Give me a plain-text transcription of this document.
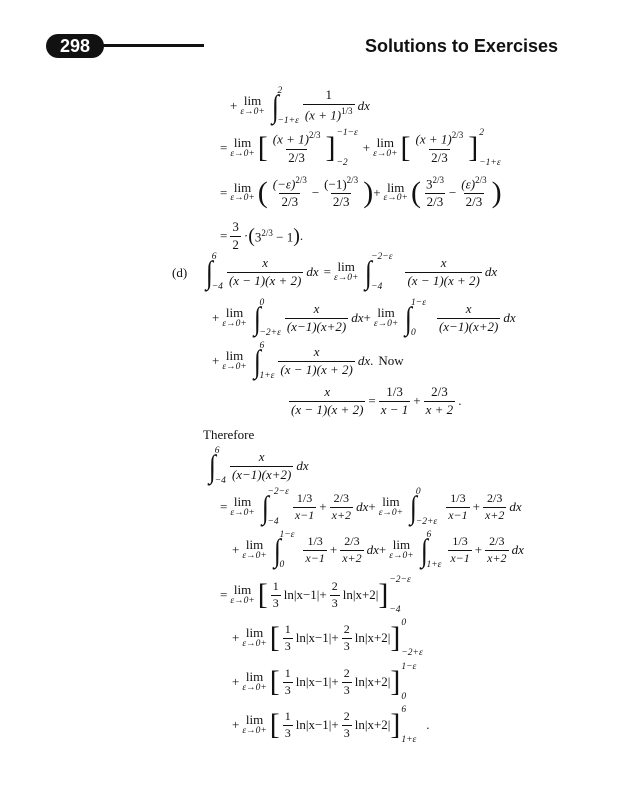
298	Solutions to Exercises
+ lim
ε→0+ ∫
2
$-1+\varepsilon \frac{1}{(x + 1)^{1/3}}$ dx
= lim
ε→0+ [ $(x + 1)^{2/3}$
2/3 ] −1−ε
−2
+ lim
ε→0+ [ $(x + 1)^{2/3}$
2/3 ] 2
−1+ε
= lim
ε→0+ ( $(-\varepsilon)^{2/3}$
2/3
− $\frac{(-1)^{2/3}}{2/3}$ ) + lim
ε→0+ ( $3^{2/3}$
2/3
− $\frac{(\varepsilon)^{2/3}}{2/3}$ )
= $\frac{3}{2}$ · ( $3^{2/3} - 1$ ) .
(d) ∫
6
−4
x
(x − 1)(x + 2)
dx = lim
ε→0+ ∫
−2−ε
−4
x
(x − 1)(x + 2)
dx
+ lim
ε→0+ ∫
0
−2+ε
x
(x−1)(x+2)
dx + lim
ε→0+ ∫
1−ε
0
x
(x−1)(x+2)
dx
+ lim
ε→0+ ∫
6
1+ε
x
(x − 1)(x + 2)
dx . Now
$\frac{x}{(x - 1)(x + 2)} = \frac{1/3}{x - 1} + \frac{2/3}{x + 2}$ .
Therefore
∫
6
−4
x
(x−1)(x+2)
dx
= lim
ε→0+ ∫
−2−ε
−4
1/3
x−1
+ $\frac{2/3}{x+2}$ dx + lim
ε→0+ ∫
0
−2+ε
1/3
x−1
+ $\frac{2/3}{x+2}$ dx
+ lim
ε→0+ ∫
1−ε
0
1/3
x−1
+ $\frac{2/3}{x+2}$ dx + lim
ε→0+ ∫
6
1+ε
1/3
x−1
+ $\frac{2/3}{x+2}$ dx
= lim
ε→0+ [ 1
3
$\ln|x-1|+ \frac{2}{3} \ln|x+2|$ ] −2−ε
−4
+ lim
ε→0+ [ 1
3
$\ln|x-1|+ \frac{2}{3} \ln|x+2|$ ] 0
−2+ε
+ lim
ε→0+ [ 1
3
$\ln|x-1|+ \frac{2}{3} \ln|x+2|$ ] 1−ε
0
+ lim
ε→0+ [ 1
3
$\ln|x-1|+ \frac{2}{3} \ln|x+2|$ ] 6
1+ε
.
